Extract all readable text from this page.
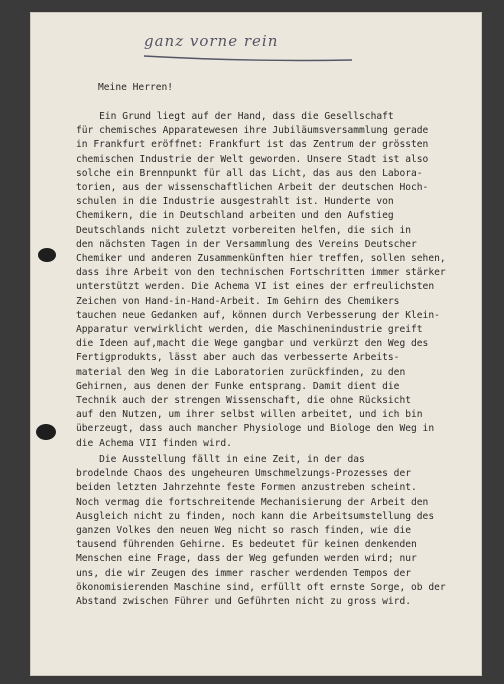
ganz vorne rein
Meine Herren!
Ein Grund liegt auf der Hand, dass die Gesellschaft
für chemisches Apparatewesen ihre Jubiläumsversammlung gerade
in Frankfurt eröffnet: Frankfurt ist das Zentrum der grössten
chemischen Industrie der Welt geworden. Unsere Stadt ist also
solche ein Brennpunkt für all das Licht, das aus den Labora-
torien, aus der wissenschaftlichen Arbeit der deutschen Hoch-
schulen in die Industrie ausgestrahlt ist. Hunderte von
Chemikern, die in Deutschland arbeiten und den Aufstieg
Deutschlands nicht zuletzt vorbereiten helfen, die sich in
den nächsten Tagen in der Versammlung des Vereins Deutscher
Chemiker und anderen Zusammenkünften hier treffen, sollen sehen,
dass ihre Arbeit von den technischen Fortschritten immer stärker
unterstützt werden. Die Achema VI ist eines der erfreulichsten
Zeichen von Hand-in-Hand-Arbeit. Im Gehirn des Chemikers
tauchen neue Gedanken auf, können durch Verbesserung der Klein-
Apparatur verwirklicht werden, die Maschinenindustrie greift
die Ideen auf,macht die Wege gangbar und verkürzt den Weg des
Fertigprodukts, lässt aber auch das verbesserte Arbeits-
material den Weg in die Laboratorien zurückfinden, zu den
Gehirnen, aus denen der Funke entsprang. Damit dient die
Technik auch der strengen Wissenschaft, die ohne Rücksicht
auf den Nutzen, um ihrer selbst willen arbeitet, und ich bin
überzeugt, dass auch mancher Physiologe und Biologe den Weg in
die Achema VII finden wird.
Die Ausstellung fällt in eine Zeit, in der das
brodelnde Chaos des ungeheuren Umschmelzungs-Prozesses der
beiden letzten Jahrzehnte feste Formen anzustreben scheint.
Noch vermag die fortschreitende Mechanisierung der Arbeit den
Ausgleich nicht zu finden, noch kann die Arbeitsumstellung des
ganzen Volkes den neuen Weg nicht so rasch finden, wie die
tausend führenden Gehirne. Es bedeutet für keinen denkenden
Menschen eine Frage, dass der Weg gefunden werden wird; nur
uns, die wir Zeugen des immer rascher werdenden Tempos der
ökonomisierenden Maschine sind, erfüllt oft ernste Sorge, ob der
Abstand zwischen Führer und Geführten nicht zu gross wird.
